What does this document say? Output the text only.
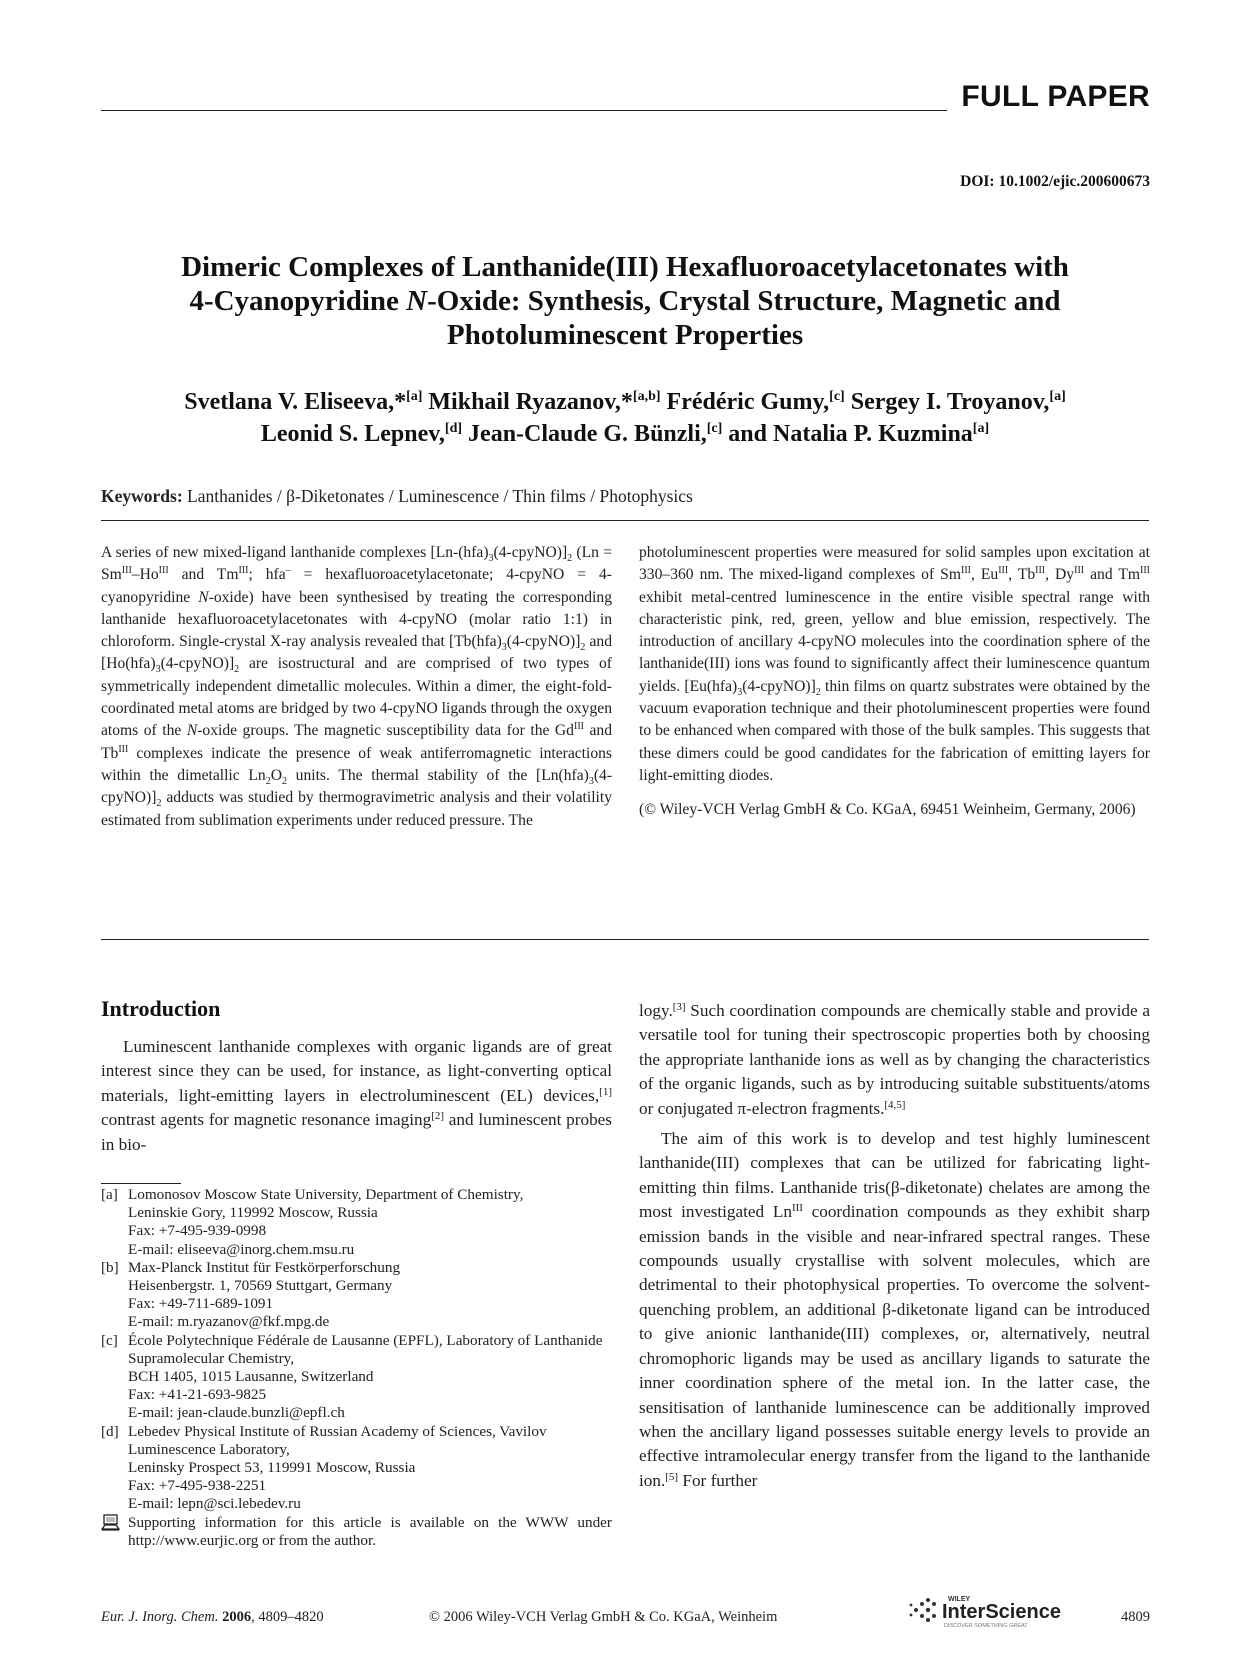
FULL PAPER
DOI: 10.1002/ejic.200600673
Dimeric Complexes of Lanthanide(III) Hexafluoroacetylacetonates with
4-Cyanopyridine N-Oxide: Synthesis, Crystal Structure, Magnetic and
Photoluminescent Properties
Svetlana V. Eliseeva,*[a] Mikhail Ryazanov,*[a,b] Frédéric Gumy,[c] Sergey I. Troyanov,[a]
Leonid S. Lepnev,[d] Jean-Claude G. Bünzli,[c] and Natalia P. Kuzmina[a]
Keywords: Lanthanides / β-Diketonates / Luminescence / Thin films / Photophysics

A series of new mixed-ligand lanthanide complexes $[Ln-(hfa)_3(4-cpyNO)]_2$ ($Ln = Sm^{III}-Ho^{III}$ and $Tm^{III}$; hfa– = hexafluoroacetylacetonate; 4-cpyNO = 4-cyanopyridine N-oxide) have been synthesised by treating the corresponding lanthanide hexafluoroacetylacetonates with 4-cpyNO (molar ratio 1:1) in chloroform. Single-crystal X-ray analysis revealed that $[Tb(hfa)_3(4-cpyNO)]_2$ and $[Ho(hfa)_3(4-cpyNO)]_2$ are isostructural and are comprised of two types of symmetrically independent dimetallic molecules. Within a dimer, the eight-fold-coordinated metal atoms are bridged by two 4-cpyNO ligands through the oxygen atoms of the N-oxide groups. The magnetic susceptibility data for the $Gd^{III}$ and $Tb^{III}$ complexes indicate the presence of weak antiferromagnetic interactions within the dimetallic $Ln_2O_2$ units. The thermal stability of the $[Ln(hfa)_3(4-cpyNO)]_2$ adducts was studied by thermogravimetric analysis and their volatility estimated from sublimation experiments under reduced pressure. The

photoluminescent properties were measured for solid samples upon excitation at 330–360 nm. The mixed-ligand complexes of $Sm^{III}$, $Eu^{III}$, $Tb^{III}$, $Dy^{III}$ and $Tm^{III}$ exhibit metal-centred luminescence in the entire visible spectral range with characteristic pink, red, green, yellow and blue emission, respectively. The introduction of ancillary 4-cpyNO molecules into the coordination sphere of the lanthanide(III) ions was found to significantly affect their luminescence quantum yields. $[Eu(hfa)_3(4-cpyNO)]_2$ thin films on quartz substrates were obtained by the vacuum evaporation technique and their photoluminescent properties were found to be enhanced when compared with those of the bulk samples. This suggests that these dimers could be good candidates for the fabrication of emitting layers for light-emitting diodes.

(© Wiley-VCH Verlag GmbH & Co. KGaA, 69451 Weinheim, Germany, 2006)

Introduction

Luminescent lanthanide complexes with organic ligands are of great interest since they can be used, for instance, as light-converting optical materials, light-emitting layers in electroluminescent (EL) devices,[1] contrast agents for magnetic resonance imaging[2] and luminescent probes in bio-

logy.[3] Such coordination compounds are chemically stable and provide a versatile tool for tuning their spectroscopic properties both by choosing the appropriate lanthanide ions as well as by changing the characteristics of the organic ligands, such as by introducing suitable substituents/atoms or conjugated π-electron fragments.[4,5]

The aim of this work is to develop and test highly luminescent lanthanide(III) complexes that can be utilized for fabricating light-emitting thin films. Lanthanide tris(β-diketonate) chelates are among the most investigated $Ln^{III}$ coordination compounds as they exhibit sharp emission bands in the visible and near-infrared spectral ranges. These compounds usually crystallise with solvent molecules, which are detrimental to their photophysical properties. To overcome the solvent-quenching problem, an additional β-diketonate ligand can be introduced to give anionic lanthanide(III) complexes, or, alternatively, neutral chromophoric ligands may be used as ancillary ligands to saturate the inner coordination sphere of the metal ion. In the latter case, the sensitisation of lanthanide luminescence can be additionally improved when the ancillary ligand possesses suitable energy levels to provide an effective intramolecular energy transfer from the ligand to the lanthanide ion.[5] For further

[a] Lomonosov Moscow State University, Department of Chemistry,
Leninskie Gory, 119992 Moscow, Russia
Fax: +7-495-939-0998
E-mail: eliseeva@inorg.chem.msu.ru
[b] Max-Planck Institut für Festkörperforschung
Heisenbergstr. 1, 70569 Stuttgart, Germany
Fax: +49-711-689-1091
E-mail: m.ryazanov@fkf.mpg.de
[c] École Polytechnique Fédérale de Lausanne (EPFL), Laboratory of Lanthanide Supramolecular Chemistry,
BCH 1405, 1015 Lausanne, Switzerland
Fax: +41-21-693-9825
E-mail: jean-claude.bunzli@epfl.ch
[d] Lebedev Physical Institute of Russian Academy of Sciences, Vavilov Luminescence Laboratory,
Leninsky Prospect 53, 119991 Moscow, Russia
Fax: +7-495-938-2251
E-mail: lepn@sci.lebedev.ru
Supporting information for this article is available on the WWW under http://www.eurjic.org or from the author.
Eur. J. Inorg. Chem. 2006, 4809–4820	© 2006 Wiley-VCH Verlag GmbH & Co. KGaA, Weinheim
WILEY
InterScience
DISCOVER SOMETHING GREAT
4809
